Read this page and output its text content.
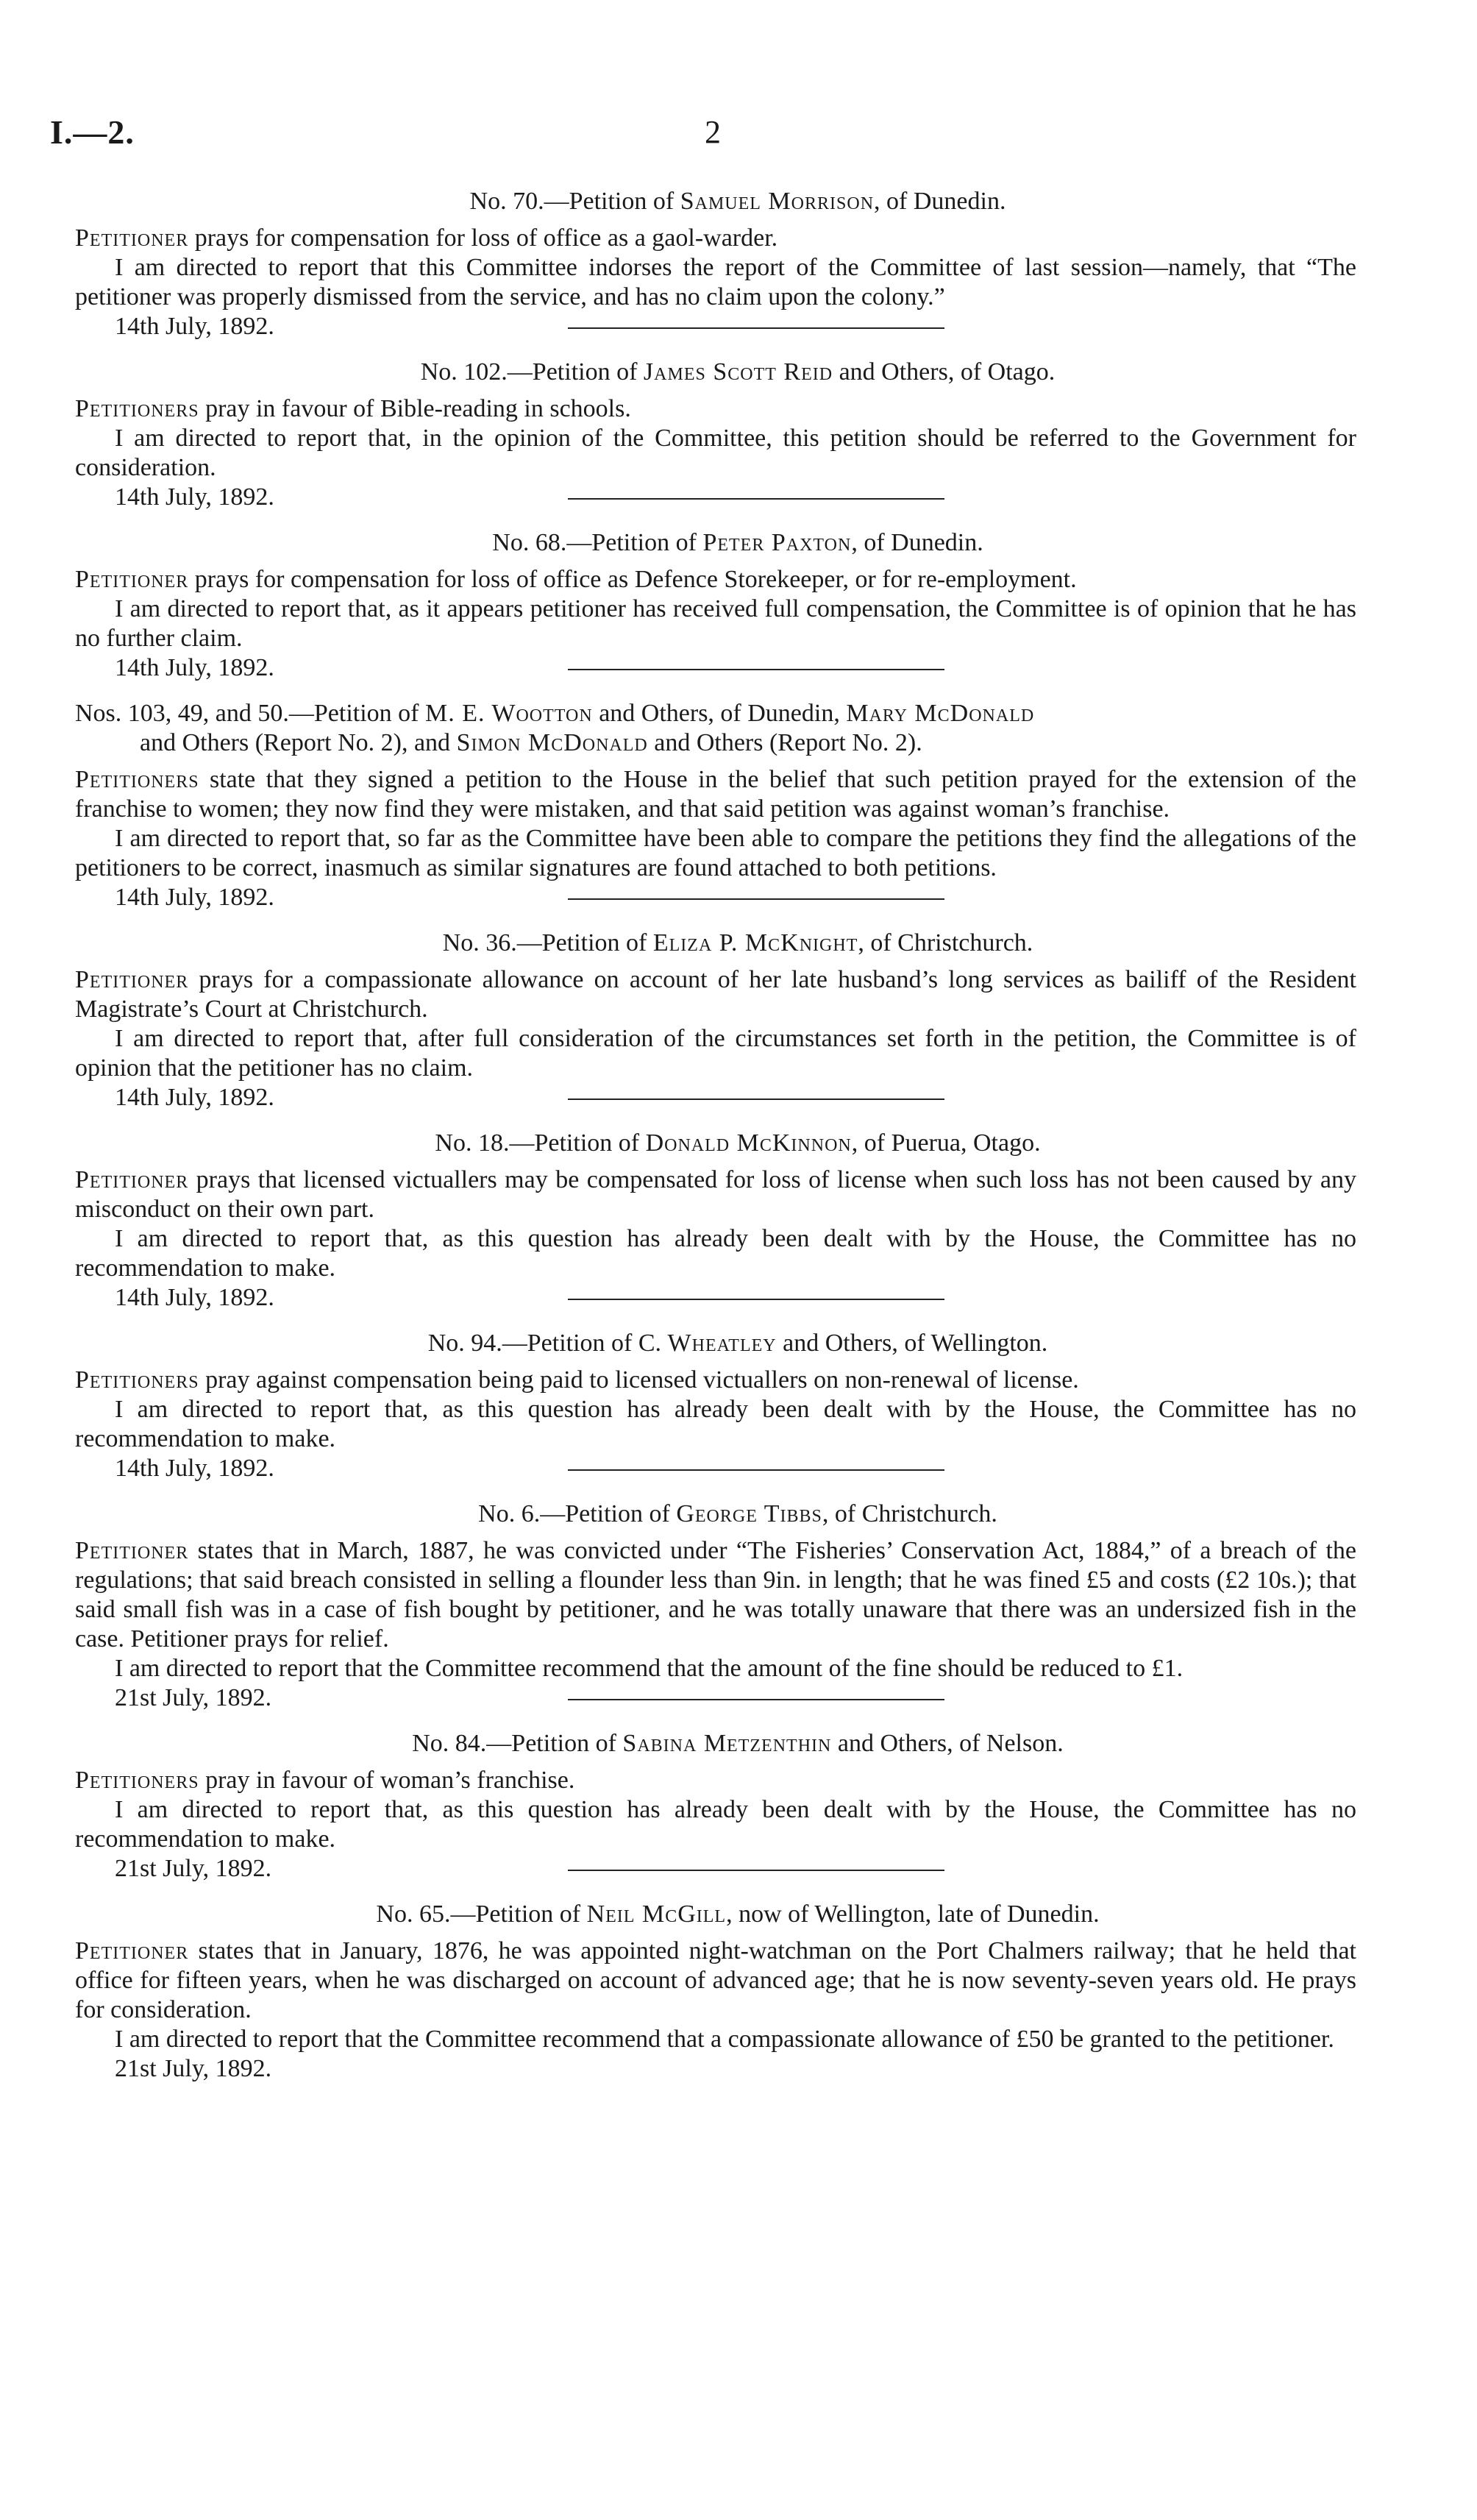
I.—2.	2

No. 70.—Petition of Samuel Morrison, of Dunedin.

Petitioner prays for compensation for loss of office as a gaol-warder.

I am directed to report that this Committee indorses the report of the Committee of last session—namely, that “The petitioner was properly dismissed from the service, and has no claim upon the colony.”

14th July, 1892.

No. 102.—Petition of James Scott Reid and Others, of Otago.

Petitioners pray in favour of Bible-reading in schools.

I am directed to report that, in the opinion of the Committee, this petition should be referred to the Government for consideration.

14th July, 1892.

No. 68.—Petition of Peter Paxton, of Dunedin.

Petitioner prays for compensation for loss of office as Defence Storekeeper, or for re-employment.

I am directed to report that, as it appears petitioner has received full compensation, the Committee is of opinion that he has no further claim.

14th July, 1892.

Nos. 103, 49, and 50.—Petition of M. E. Wootton and Others, of Dunedin, Mary McDonald
and Others (Report No. 2), and Simon McDonald and Others (Report No. 2).

Petitioners state that they signed a petition to the House in the belief that such petition prayed for the extension of the franchise to women; they now find they were mistaken, and that said petition was against woman’s franchise.

I am directed to report that, so far as the Committee have been able to compare the petitions they find the allegations of the petitioners to be correct, inasmuch as similar signatures are found attached to both petitions.

14th July, 1892.

No. 36.—Petition of Eliza P. McKnight, of Christchurch.

Petitioner prays for a compassionate allowance on account of her late husband’s long services as bailiff of the Resident Magistrate’s Court at Christchurch.

I am directed to report that, after full consideration of the circumstances set forth in the petition, the Committee is of opinion that the petitioner has no claim.

14th July, 1892.

No. 18.—Petition of Donald McKinnon, of Puerua, Otago.

Petitioner prays that licensed victuallers may be compensated for loss of license when such loss has not been caused by any misconduct on their own part.

I am directed to report that, as this question has already been dealt with by the House, the Committee has no recommendation to make.

14th July, 1892.

No. 94.—Petition of C. Wheatley and Others, of Wellington.

Petitioners pray against compensation being paid to licensed victuallers on non-renewal of license.

I am directed to report that, as this question has already been dealt with by the House, the Committee has no recommendation to make.

14th July, 1892.

No. 6.—Petition of George Tibbs, of Christchurch.

Petitioner states that in March, 1887, he was convicted under “The Fisheries’ Conservation Act, 1884,” of a breach of the regulations; that said breach consisted in selling a flounder less than 9in. in length; that he was fined £5 and costs (£2 10s.); that said small fish was in a case of fish bought by petitioner, and he was totally unaware that there was an undersized fish in the case. Petitioner prays for relief.

I am directed to report that the Committee recommend that the amount of the fine should be reduced to £1.

21st July, 1892.

No. 84.—Petition of Sabina Metzenthin and Others, of Nelson.

Petitioners pray in favour of woman’s franchise.

I am directed to report that, as this question has already been dealt with by the House, the Committee has no recommendation to make.

21st July, 1892.

No. 65.—Petition of Neil McGill, now of Wellington, late of Dunedin.

Petitioner states that in January, 1876, he was appointed night-watchman on the Port Chalmers railway; that he held that office for fifteen years, when he was discharged on account of advanced age; that he is now seventy-seven years old. He prays for consideration.

I am directed to report that the Committee recommend that a compassionate allowance of £50 be granted to the petitioner.

21st July, 1892.
